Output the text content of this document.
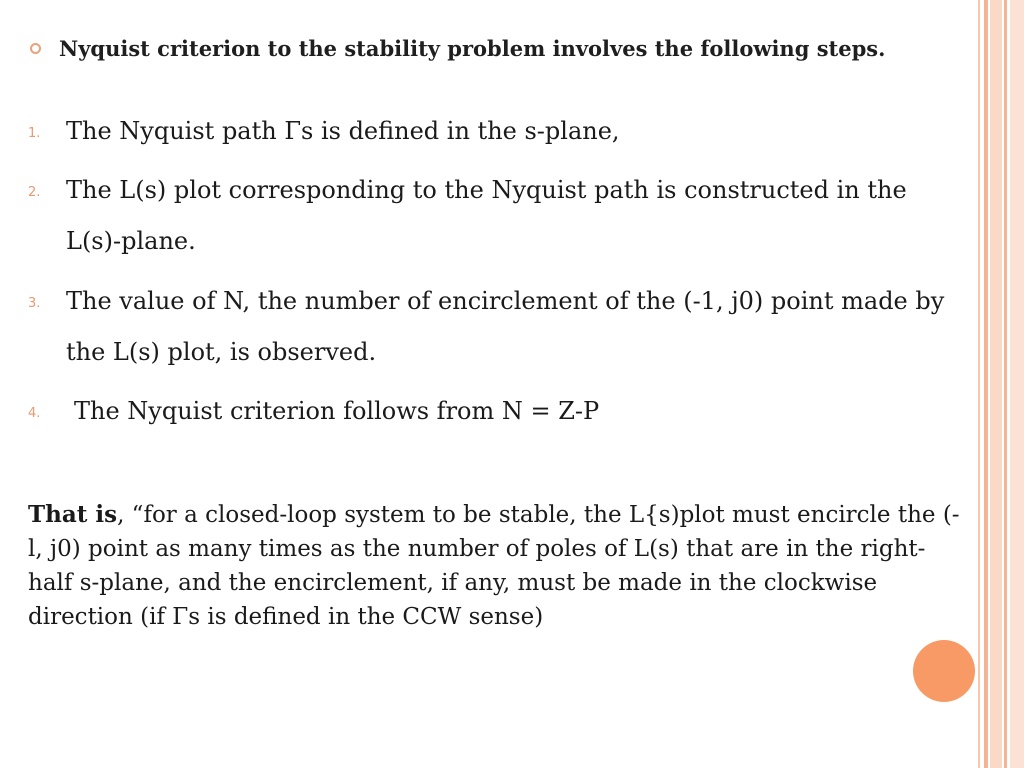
Nyquist criterion to the stability problem involves the following steps.
1. The Nyquist path Γs is defined in the s-plane,
2. The L(s) plot corresponding to the Nyquist path is constructed in the L(s)-plane.
3. The value of N, the number of encirclement of the (-1, j0) point made by the L(s) plot, is observed.
4. The Nyquist criterion follows from N = Z-P
That is, “for a closed-loop system to be stable, the L{s)plot must encircle the (-l, j0) point as many times as the number of poles of L(s) that are in the right-half s-plane, and the encirclement, if any, must be made in the clockwise direction (if Γs is defined in the CCW sense)
